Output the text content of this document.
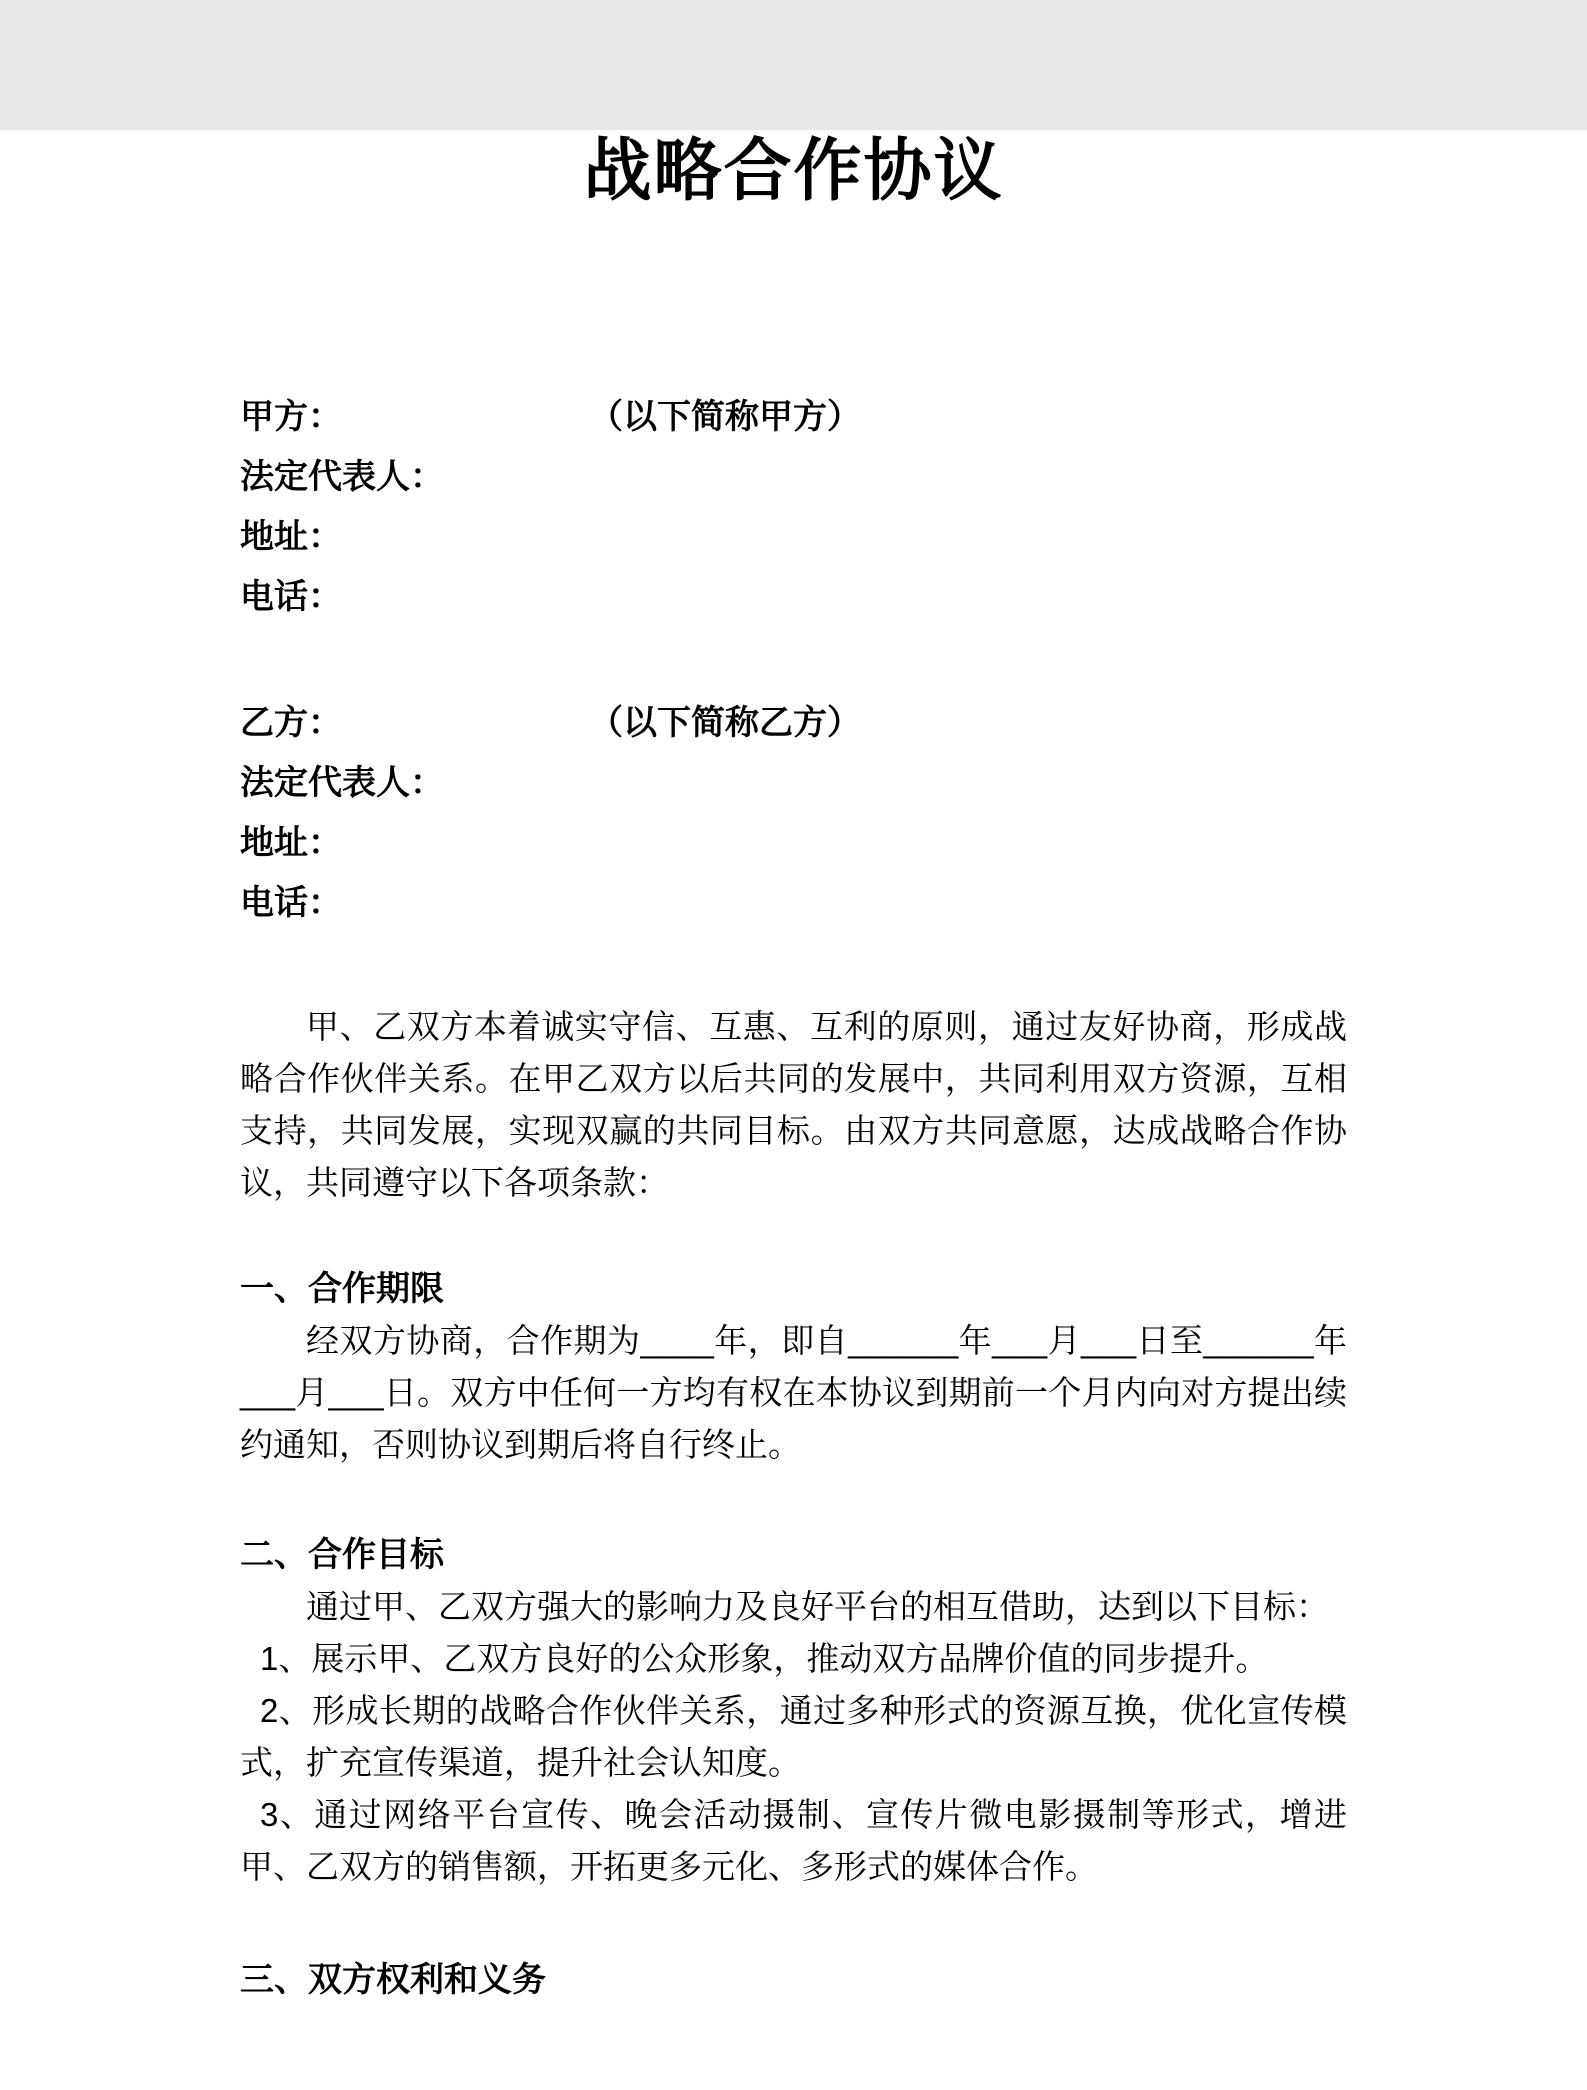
战略合作协议
甲方：	（以下简称甲方）
法定代表人：
地址：
电话：
乙方：	（以下简称乙方）
法定代表人：
地址：
电话：

甲、乙双方本着诚实守信、互惠、互利的原则，通过友好协商，形成战略合作伙伴关系。在甲乙双方以后共同的发展中，共同利用双方资源，互相支持，共同发展，实现双赢的共同目标。由双方共同意愿，达成战略合作协议，共同遵守以下各项条款：

一、合作期限

经双方协商，合作期为____年，即自______年___月___日至______年___月___日。双方中任何一方均有权在本协议到期前一个月内向对方提出续约通知，否则协议到期后将自行终止。

二、合作目标

通过甲、乙双方强大的影响力及良好平台的相互借助，达到以下目标：

1、展示甲、乙双方良好的公众形象，推动双方品牌价值的同步提升。

2、形成长期的战略合作伙伴关系，通过多种形式的资源互换，优化宣传模式，扩充宣传渠道，提升社会认知度。

3、通过网络平台宣传、晚会活动摄制、宣传片微电影摄制等形式，增进甲、乙双方的销售额，开拓更多元化、多形式的媒体合作。

三、双方权利和义务
